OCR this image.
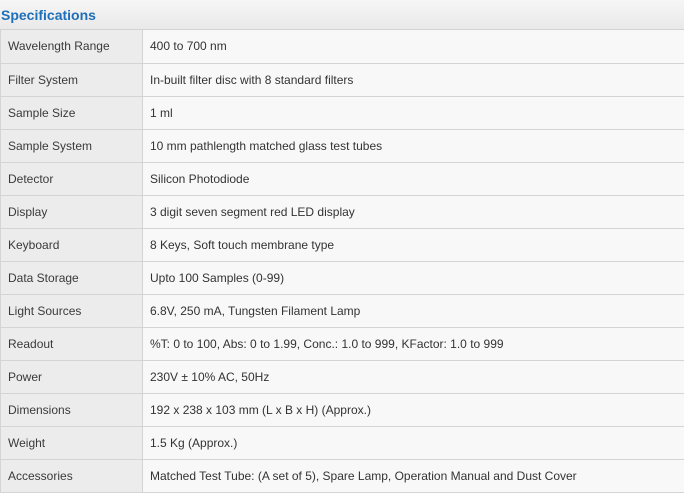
Specifications
Wavelength Range	400 to 700 nm
Filter System	In-built filter disc with 8 standard filters
Sample Size	1 ml
Sample System	10 mm pathlength matched glass test tubes
Detector	Silicon Photodiode
Display	3 digit seven segment red LED display
Keyboard	8 Keys, Soft touch membrane type
Data Storage	Upto 100 Samples (0-99)
Light Sources	6.8V, 250 mA, Tungsten Filament Lamp
Readout	%T: 0 to 100, Abs: 0 to 1.99, Conc.: 1.0 to 999, KFactor: 1.0 to 999
Power	230V ± 10% AC, 50Hz
Dimensions	192 x 238 x 103 mm (L x B x H) (Approx.)
Weight	1.5 Kg (Approx.)
Accessories	Matched Test Tube: (A set of 5), Spare Lamp, Operation Manual and Dust Cover
